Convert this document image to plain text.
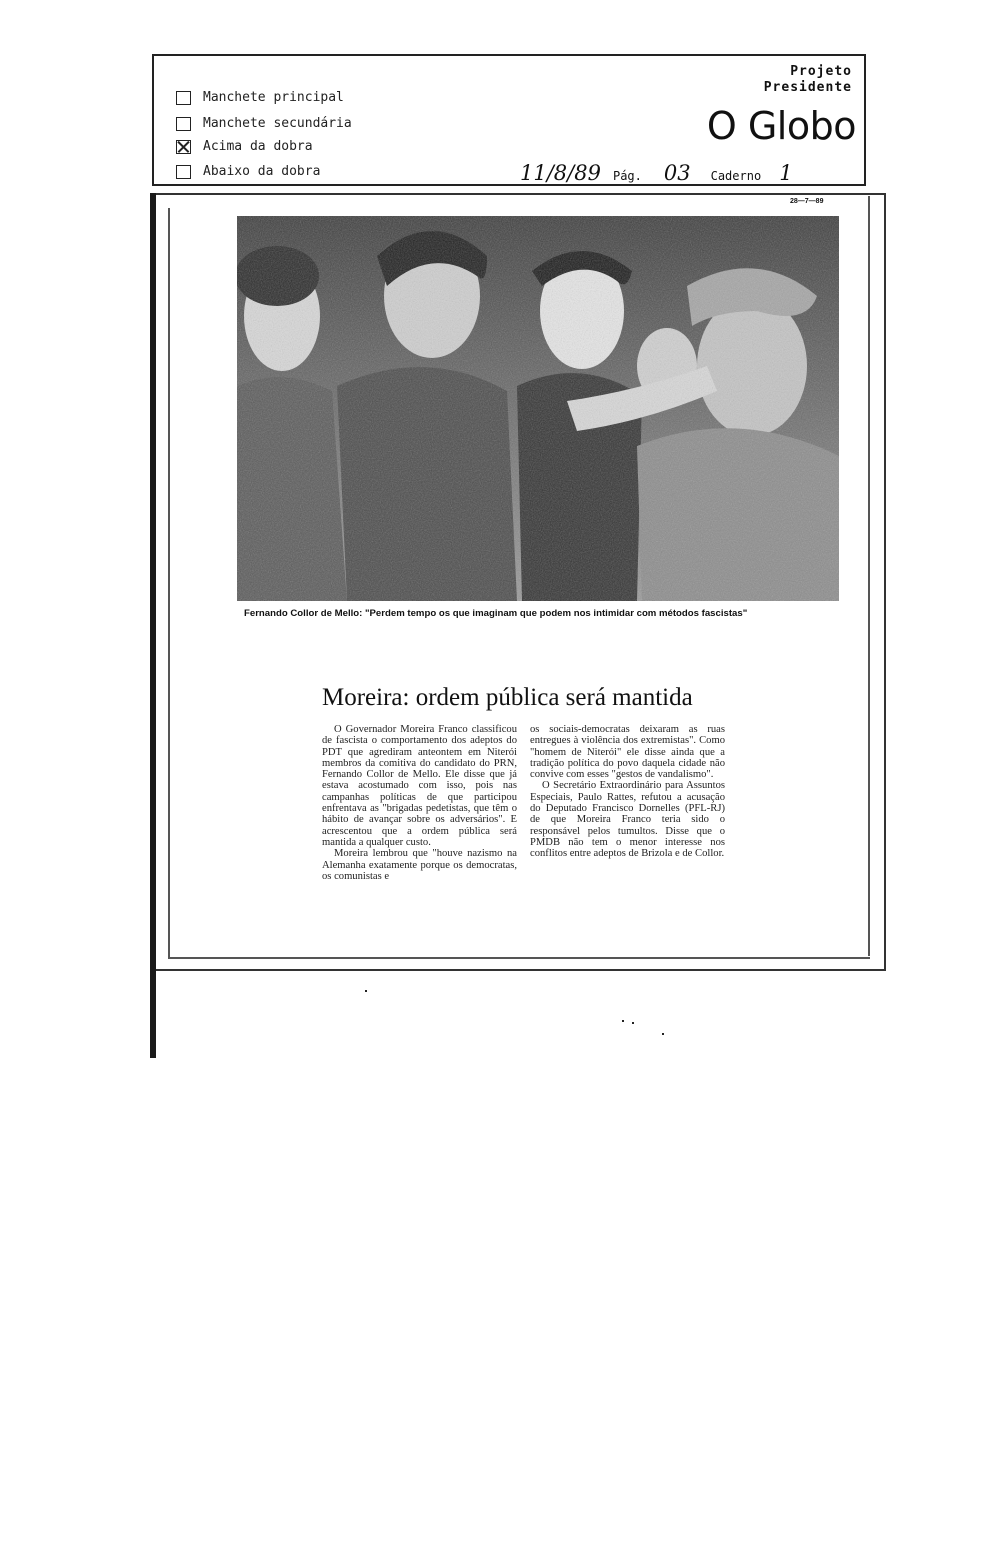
Manchete principal
Manchete secundária
Acima da dobra
Abaixo da dobra
Projeto
Presidente
O Globo
11/8/89	Pág.	03	Caderno 1
28—7—89
Fernando Collor de Mello: "Perdem tempo os que imaginam que podem nos intimidar com métodos fascistas"
Moreira: ordem pública será mantida

O Governador Moreira Franco classificou de fascista o comportamento dos adeptos do PDT que agrediram anteontem em Niterói membros da comitiva do candidato do PRN, Fernando Collor de Mello. Ele disse que já estava acostumado com isso, pois nas campanhas políticas de que participou enfrentava as "brigadas pedetistas, que têm o hábito de avançar sobre os adversários". E acrescentou que a ordem pública será mantida a qualquer custo.

Moreira lembrou que "houve nazismo na Alemanha exatamente porque os democratas, os comunistas e

os sociais-democratas deixaram as ruas entregues à violência dos extremistas". Como "homem de Niterói" ele disse ainda que a tradição política do povo daquela cidade não convive com esses "gestos de vandalismo".

O Secretário Extraordinário para Assuntos Especiais, Paulo Rattes, refutou a acusação do Deputado Francisco Dornelles (PFL-RJ) de que Moreira Franco teria sido o responsável pelos tumultos. Disse que o PMDB não tem o menor interesse nos conflitos entre adeptos de Brizola e de Collor.
